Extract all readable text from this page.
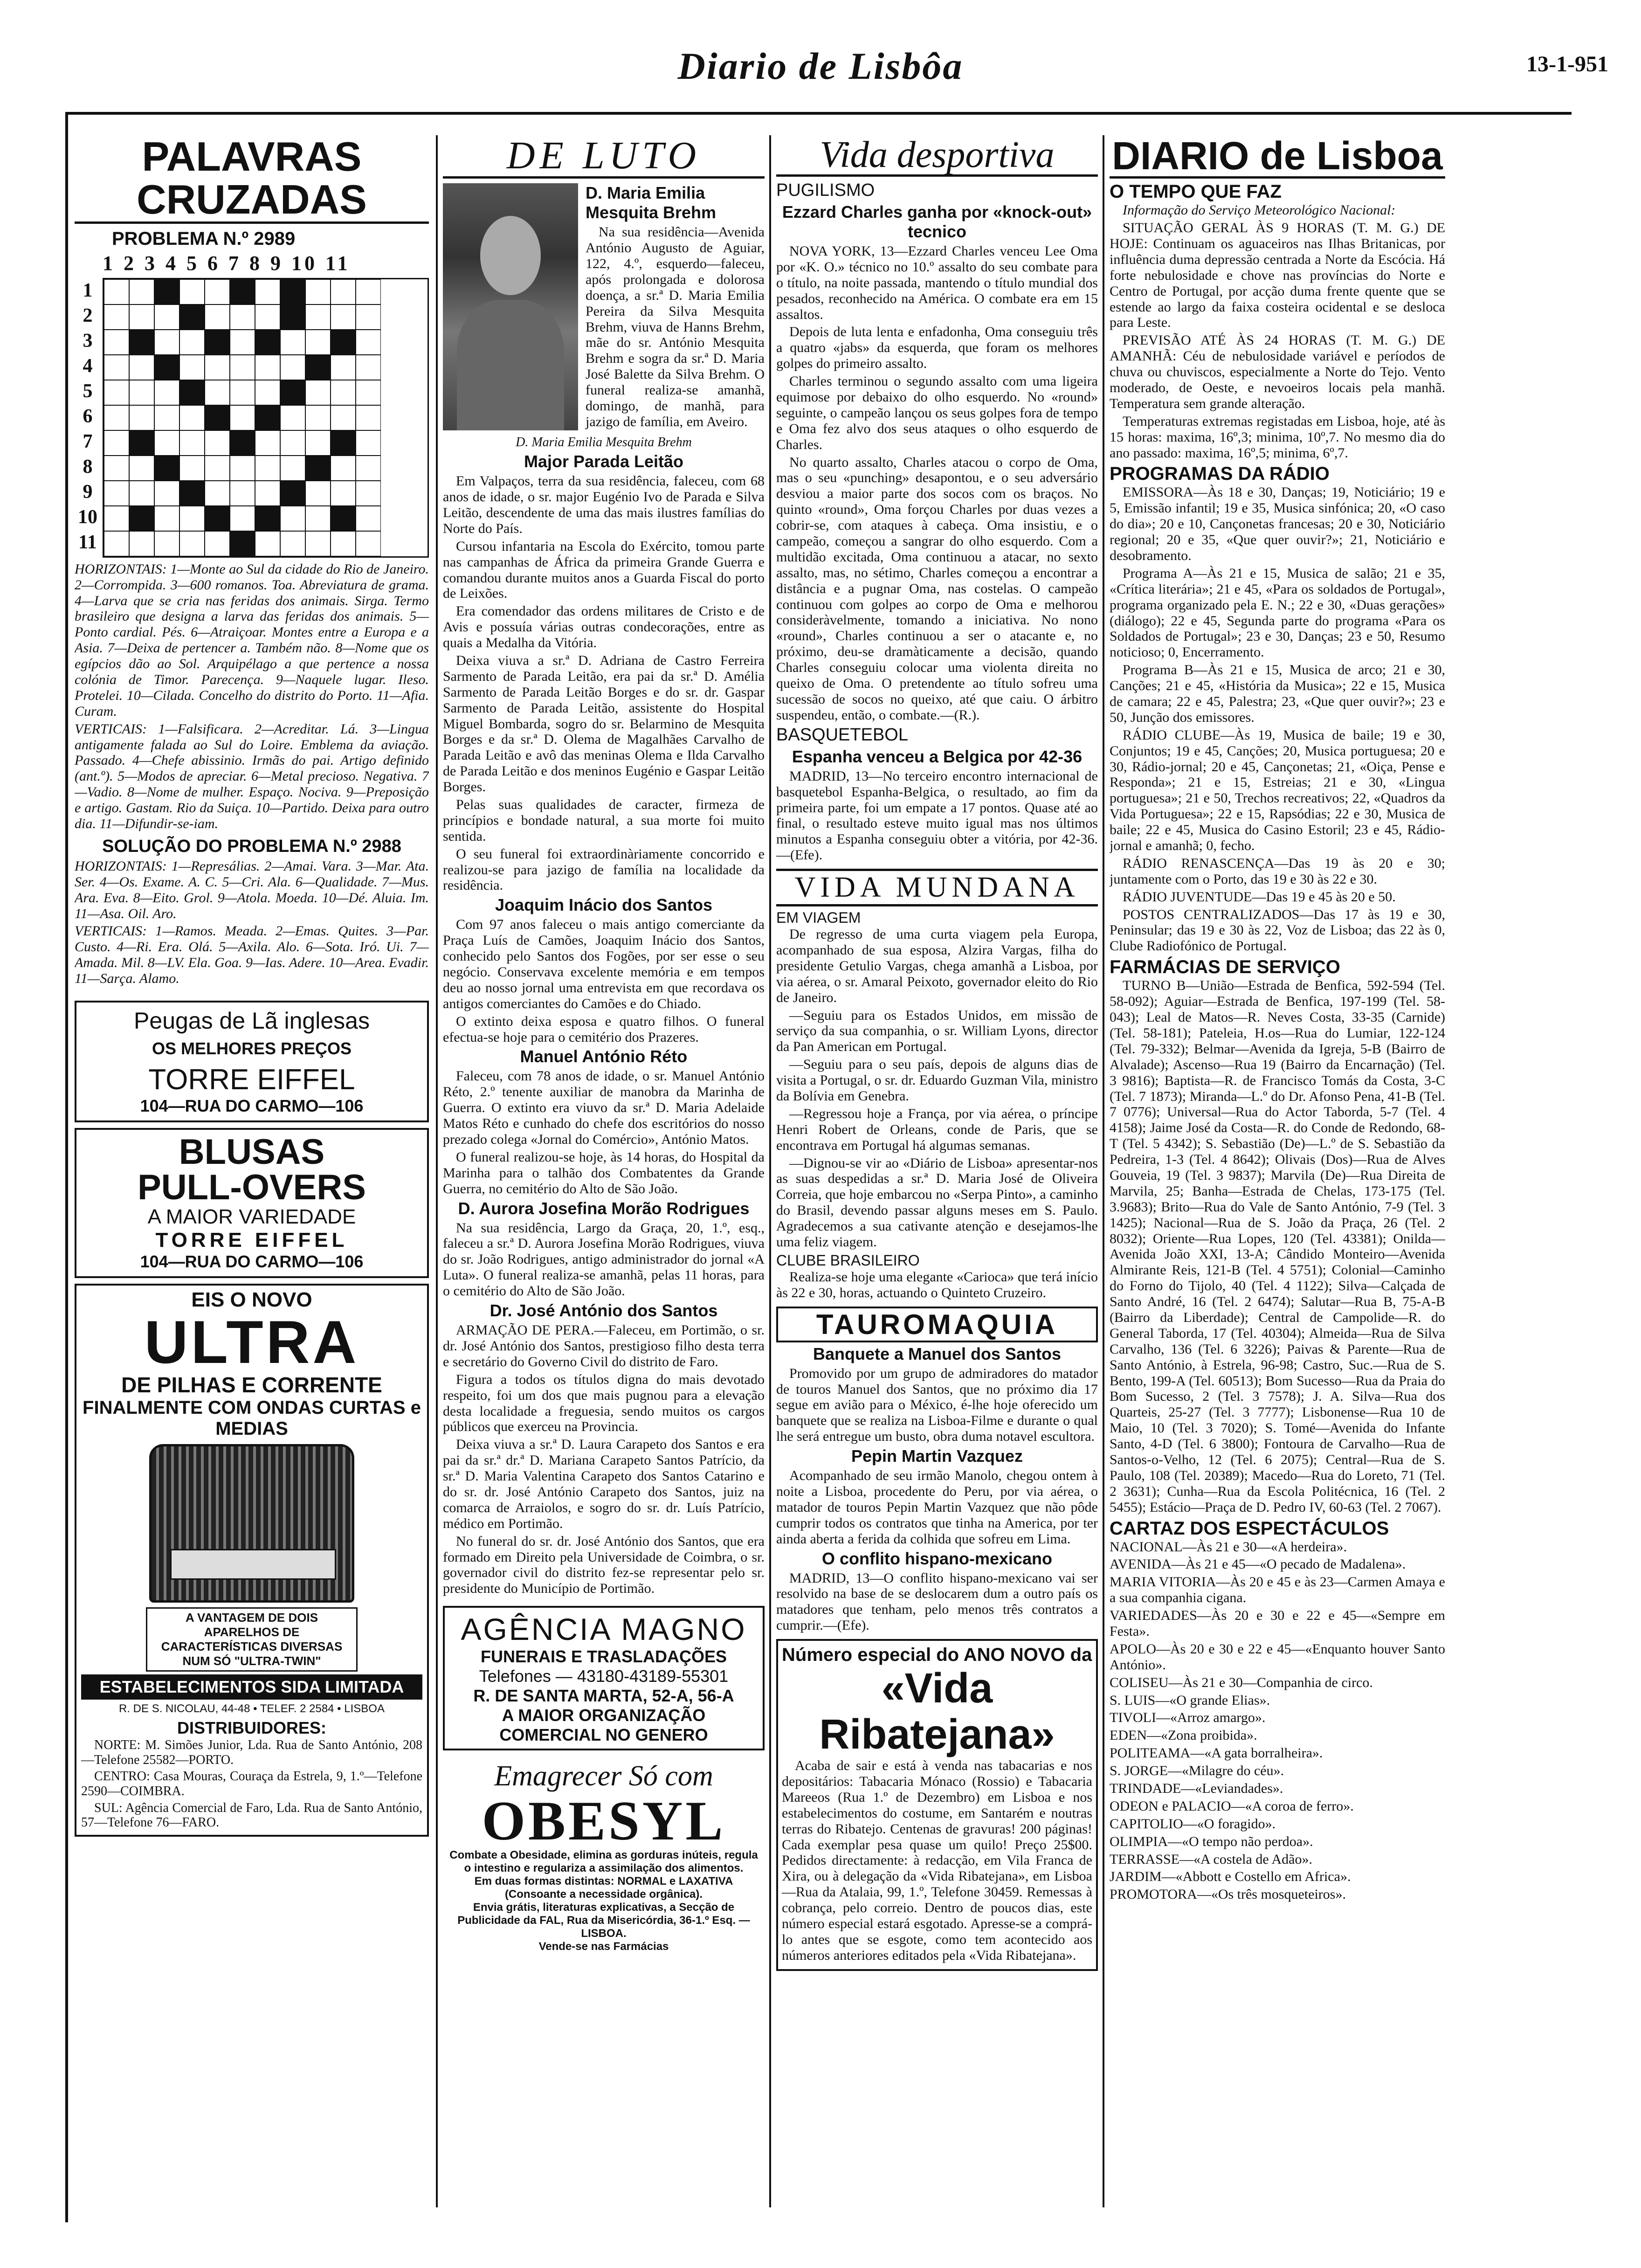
Diario de Lisbôa	13-1-951
PALAVRAS CRUZADAS
PROBLEMA N.º 2989
1 2 3 4 5 6 7 8 9 10 11
1
2
3
4
5
6
7
8
9
10
11

HORIZONTAIS: 1—Monte ao Sul da cidade do Rio de Janeiro. 2—Corrompida. 3—600 romanos. Toa. Abreviatura de grama. 4—Larva que se cria nas feridas dos animais. Sirga. Termo brasileiro que designa a larva das feridas dos animais. 5—Ponto cardial. Pés. 6—Atraiçoar. Montes entre a Europa e a Asia. 7—Deixa de pertencer a. Também não. 8—Nome que os egípcios dão ao Sol. Arquipélago a que pertence a nossa colónia de Timor. Parecença. 9—Naquele lugar. Ileso. Protelei. 10—Cilada. Concelho do distrito do Porto. 11—Afia. Curam.

VERTICAIS: 1—Falsificara. 2—Acreditar. Lá. 3—Lingua antigamente falada ao Sul do Loire. Emblema da aviação. Passado. 4—Chefe abissinio. Irmãs do pai. Artigo definido (ant.º). 5—Modos de apreciar. 6—Metal precioso. Negativa. 7—Vadio. 8—Nome de mulher. Espaço. Nociva. 9—Preposição e artigo. Gastam. Rio da Suiça. 10—Partido. Deixa para outro dia. 11—Difundir-se-iam.

SOLUÇÃO DO PROBLEMA N.º 2988

HORIZONTAIS: 1—Represálias. 2—Amai. Vara. 3—Mar. Ata. Ser. 4—Os. Exame. A. C. 5—Cri. Ala. 6—Qualidade. 7—Mus. Ara. Eva. 8—Eito. Grol. 9—Atola. Moeda. 10—Dé. Aluia. Im. 11—Asa. Oil. Aro.

VERTICAIS: 1—Ramos. Meada. 2—Emas. Quites. 3—Par. Custo. 4—Ri. Era. Olá. 5—Axila. Alo. 6—Sota. Iró. Ui. 7—Amada. Mil. 8—LV. Ela. Goa. 9—Ias. Adere. 10—Area. Evadir. 11—Sarça. Alamo.

Peugas de Lã inglesas
OS MELHORES PREÇOS
TORRE EIFFEL
104—RUA DO CARMO—106
BLUSAS
PULL-OVERS
A MAIOR VARIEDADE
TORRE EIFFEL
104—RUA DO CARMO—106
EIS O NOVO
ULTRA
DE PILHAS E CORRENTE
FINALMENTE COM ONDAS CURTAS e MEDIAS
A VANTAGEM DE DOIS APARELHOS DE CARACTERÍSTICAS DIVERSAS NUM SÓ "ULTRA-TWIN"
ESTABELECIMENTOS SIDA LIMITADA
R. DE S. NICOLAU, 44-48 • TELEF. 2 2584 • LISBOA
DISTRIBUIDORES:

NORTE: M. Simões Junior, Lda. Rua de Santo António, 208—Telefone 25582—PORTO.

CENTRO: Casa Mouras, Couraça da Estrela, 9, 1.º—Telefone 2590—COIMBRA.

SUL: Agência Comercial de Faro, Lda. Rua de Santo António, 57—Telefone 76—FARO.

DE LUTO
D. Maria Emilia Mesquita Brehm

Na sua residência—Avenida António Augusto de Aguiar, 122, 4.º, esquerdo—faleceu, após prolongada e dolorosa doença, a sr.ª D. Maria Emilia Pereira da Silva Mesquita Brehm, viuva de Hanns Brehm, mãe do sr. António Mesquita Brehm e sogra da sr.ª D. Maria José Balette da Silva Brehm. O funeral realiza-se amanhã, domingo, de manhã, para jazigo de família, em Aveiro.

D. Maria Emilia Mesquita Brehm
Major Parada Leitão

Em Valpaços, terra da sua residência, faleceu, com 68 anos de idade, o sr. major Eugénio Ivo de Parada e Silva Leitão, descendente de uma das mais ilustres famílias do Norte do País.

Cursou infantaria na Escola do Exército, tomou parte nas campanhas de África da primeira Grande Guerra e comandou durante muitos anos a Guarda Fiscal do porto de Leixões.

Era comendador das ordens militares de Cristo e de Avis e possuía várias outras condecorações, entre as quais a Medalha da Vitória.

Deixa viuva a sr.ª D. Adriana de Castro Ferreira Sarmento de Parada Leitão, era pai da sr.ª D. Amélia Sarmento de Parada Leitão Borges e do sr. dr. Gaspar Sarmento de Parada Leitão, assistente do Hospital Miguel Bombarda, sogro do sr. Belarmino de Mesquita Borges e da sr.ª D. Olema de Magalhães Carvalho de Parada Leitão e avô das meninas Olema e Ilda Carvalho de Parada Leitão e dos meninos Eugénio e Gaspar Leitão Borges.

Pelas suas qualidades de caracter, firmeza de princípios e bondade natural, a sua morte foi muito sentida.

O seu funeral foi extraordinàriamente concorrido e realizou-se para jazigo de família na localidade da residência.

Joaquim Inácio dos Santos

Com 97 anos faleceu o mais antigo comerciante da Praça Luís de Camões, Joaquim Inácio dos Santos, conhecido pelo Santos dos Fogões, por ser esse o seu negócio. Conservava excelente memória e em tempos deu ao nosso jornal uma entrevista em que recordava os antigos comerciantes do Camões e do Chiado.

O extinto deixa esposa e quatro filhos. O funeral efectua-se hoje para o cemitério dos Prazeres.

Manuel António Réto

Faleceu, com 78 anos de idade, o sr. Manuel António Réto, 2.º tenente auxiliar de manobra da Marinha de Guerra. O extinto era viuvo da sr.ª D. Maria Adelaide Matos Réto e cunhado do chefe dos escritórios do nosso prezado colega «Jornal do Comércio», António Matos.

O funeral realizou-se hoje, às 14 horas, do Hospital da Marinha para o talhão dos Combatentes da Grande Guerra, no cemitério do Alto de São João.

D. Aurora Josefina Morão Rodrigues

Na sua residência, Largo da Graça, 20, 1.º, esq., faleceu a sr.ª D. Aurora Josefina Morão Rodrigues, viuva do sr. João Rodrigues, antigo administrador do jornal «A Luta». O funeral realiza-se amanhã, pelas 11 horas, para o cemitério do Alto de São João.

Dr. José António dos Santos

ARMAÇÃO DE PERA.—Faleceu, em Portimão, o sr. dr. José António dos Santos, prestigioso filho desta terra e secretário do Governo Civil do distrito de Faro.

Figura a todos os títulos digna do mais devotado respeito, foi um dos que mais pugnou para a elevação desta localidade a freguesia, sendo muitos os cargos públicos que exerceu na Provincia.

Deixa viuva a sr.ª D. Laura Carapeto dos Santos e era pai da sr.ª dr.ª D. Mariana Carapeto Santos Patrício, da sr.ª D. Maria Valentina Carapeto dos Santos Catarino e do sr. dr. José António Carapeto dos Santos, juiz na comarca de Arraiolos, e sogro do sr. dr. Luís Patrício, médico em Portimão.

No funeral do sr. dr. José António dos Santos, que era formado em Direito pela Universidade de Coimbra, o sr. governador civil do distrito fez-se representar pelo sr. presidente do Município de Portimão.

AGÊNCIA MAGNO
FUNERAIS E TRASLADAÇÕES
Telefones — 43180-43189-55301
R. DE SANTA MARTA, 52-A, 56-A
A MAIOR ORGANIZAÇÃO
COMERCIAL NO GENERO
Emagrecer Só com
OBESYL
Combate a Obesidade, elimina as gorduras inúteis, regula o intestino e regulariza a assimilação dos alimentos.
Em duas formas distintas: NORMAL e LAXATIVA (Consoante a necessidade orgânica).
Envia grátis, literaturas explicativas, a Secção de Publicidade da FAL, Rua da Misericórdia, 36-1.º Esq. — LISBOA.
Vende-se nas Farmácias
Vida desportiva
PUGILISMO
Ezzard Charles ganha por «knock-out» tecnico

NOVA YORK, 13—Ezzard Charles venceu Lee Oma por «K. O.» técnico no 10.º assalto do seu combate para o título, na noite passada, mantendo o título mundial dos pesados, reconhecido na América. O combate era em 15 assaltos.

Depois de luta lenta e enfadonha, Oma conseguiu três a quatro «jabs» da esquerda, que foram os melhores golpes do primeiro assalto.

Charles terminou o segundo assalto com uma ligeira equimose por debaixo do olho esquerdo. No «round» seguinte, o campeão lançou os seus golpes fora de tempo e Oma fez alvo dos seus ataques o olho esquerdo de Charles.

No quarto assalto, Charles atacou o corpo de Oma, mas o seu «punching» desapontou, e o seu adversário desviou a maior parte dos socos com os braços. No quinto «round», Oma forçou Charles por duas vezes a cobrir-se, com ataques à cabeça. Oma insistiu, e o campeão, começou a sangrar do olho esquerdo. Com a multidão excitada, Oma continuou a atacar, no sexto assalto, mas, no sétimo, Charles começou a encontrar a distância e a pugnar Oma, nas costelas. O campeão continuou com golpes ao corpo de Oma e melhorou consideràvelmente, tomando a iniciativa. No nono «round», Charles continuou a ser o atacante e, no próximo, deu-se dramàticamente a decisão, quando Charles conseguiu colocar uma violenta direita no queixo de Oma. O pretendente ao título sofreu uma sucessão de socos no queixo, até que caiu. O árbitro suspendeu, então, o combate.—(R.).

BASQUETEBOL
Espanha venceu a Belgica por 42-36

MADRID, 13—No terceiro encontro internacional de basquetebol Espanha-Belgica, o resultado, ao fim da primeira parte, foi um empate a 17 pontos. Quase até ao final, o resultado esteve muito igual mas nos últimos minutos a Espanha conseguiu obter a vitória, por 42-36.—(Efe).

VIDA MUNDANA
EM VIAGEM

De regresso de uma curta viagem pela Europa, acompanhado de sua esposa, Alzira Vargas, filha do presidente Getulio Vargas, chega amanhã a Lisboa, por via aérea, o sr. Amaral Peixoto, governador eleito do Rio de Janeiro.

—Seguiu para os Estados Unidos, em missão de serviço da sua companhia, o sr. William Lyons, director da Pan American em Portugal.

—Seguiu para o seu país, depois de alguns dias de visita a Portugal, o sr. dr. Eduardo Guzman Vila, ministro da Bolívia em Genebra.

—Regressou hoje a França, por via aérea, o príncipe Henri Robert de Orleans, conde de Paris, que se encontrava em Portugal há algumas semanas.

—Dignou-se vir ao «Diário de Lisboa» apresentar-nos as suas despedidas a sr.ª D. Maria José de Oliveira Correia, que hoje embarcou no «Serpa Pinto», a caminho do Brasil, devendo passar alguns meses em S. Paulo. Agradecemos a sua cativante atenção e desejamos-lhe uma feliz viagem.

CLUBE BRASILEIRO

Realiza-se hoje uma elegante «Carioca» que terá início às 22 e 30, horas, actuando o Quinteto Cruzeiro.

TAUROMAQUIA
Banquete a Manuel dos Santos

Promovido por um grupo de admiradores do matador de touros Manuel dos Santos, que no próximo dia 17 segue em avião para o México, é-lhe hoje oferecido um banquete que se realiza na Lisboa-Filme e durante o qual lhe será entregue um busto, obra duma notavel escultora.

Pepin Martin Vazquez

Acompanhado de seu irmão Manolo, chegou ontem à noite a Lisboa, procedente do Peru, por via aérea, o matador de touros Pepin Martin Vazquez que não pôde cumprir todos os contratos que tinha na America, por ter ainda aberta a ferida da colhida que sofreu em Lima.

O conflito hispano-mexicano

MADRID, 13—O conflito hispano-mexicano vai ser resolvido na base de se deslocarem dum a outro país os matadores que tenham, pelo menos três contratos a cumprir.—(Efe).

Número especial do ANO NOVO da
«Vida Ribatejana»

Acaba de sair e está à venda nas tabacarias e nos depositários: Tabacaria Mónaco (Rossio) e Tabacaria Mareeos (Rua 1.º de Dezembro) em Lisboa e nos estabelecimentos do costume, em Santarém e noutras terras do Ribatejo. Centenas de gravuras! 200 páginas! Cada exemplar pesa quase um quilo! Preço 25$00. Pedidos directamente: à redacção, em Vila Franca de Xira, ou à delegação da «Vida Ribatejana», em Lisboa—Rua da Atalaia, 99, 1.º, Telefone 30459. Remessas à cobrança, pelo correio. Dentro de poucos dias, este número especial estará esgotado. Apresse-se a comprá-lo antes que se esgote, como tem acontecido aos números anteriores editados pela «Vida Ribatejana».

DIARIO de Lisboa
O TEMPO QUE FAZ

Informação do Serviço Meteorológico Nacional:

SITUAÇÃO GERAL ÀS 9 HORAS (T. M. G.) DE HOJE: Continuam os aguaceiros nas Ilhas Britanicas, por influência duma depressão centrada a Norte da Escócia. Há forte nebulosidade e chove nas províncias do Norte e Centro de Portugal, por acção duma frente quente que se estende ao largo da faixa costeira ocidental e se desloca para Leste.

PREVISÃO ATÉ ÀS 24 HORAS (T. M. G.) DE AMANHÃ: Céu de nebulosidade variável e períodos de chuva ou chuviscos, especialmente a Norte do Tejo. Vento moderado, de Oeste, e nevoeiros locais pela manhã. Temperatura sem grande alteração.

Temperaturas extremas registadas em Lisboa, hoje, até às 15 horas: maxima, 16º,3; minima, 10º,7. No mesmo dia do ano passado: maxima, 16º,5; minima, 6º,7.

PROGRAMAS DA RÁDIO

EMISSORA—Às 18 e 30, Danças; 19, Noticiário; 19 e 5, Emissão infantil; 19 e 35, Musica sinfónica; 20, «O caso do dia»; 20 e 10, Cançonetas francesas; 20 e 30, Noticiário regional; 20 e 35, «Que quer ouvir?»; 21, Noticiário e desobramento.

Programa A—Às 21 e 15, Musica de salão; 21 e 35, «Crítica literária»; 21 e 45, «Para os soldados de Portugal», programa organizado pela E. N.; 22 e 30, «Duas gerações» (diálogo); 22 e 45, Segunda parte do programa «Para os Soldados de Portugal»; 23 e 30, Danças; 23 e 50, Resumo noticioso; 0, Encerramento.

Programa B—Às 21 e 15, Musica de arco; 21 e 30, Canções; 21 e 45, «História da Musica»; 22 e 15, Musica de camara; 22 e 45, Palestra; 23, «Que quer ouvir?»; 23 e 50, Junção dos emissores.

RÁDIO CLUBE—Às 19, Musica de baile; 19 e 30, Conjuntos; 19 e 45, Canções; 20, Musica portuguesa; 20 e 30, Rádio-jornal; 20 e 45, Cançonetas; 21, «Oiça, Pense e Responda»; 21 e 15, Estreias; 21 e 30, «Lingua portuguesa»; 21 e 50, Trechos recreativos; 22, «Quadros da Vida Portuguesa»; 22 e 15, Rapsódias; 22 e 30, Musica de baile; 22 e 45, Musica do Casino Estoril; 23 e 45, Rádio-jornal e amanhã; 0, fecho.

RÁDIO RENASCENÇA—Das 19 às 20 e 30; juntamente com o Porto, das 19 e 30 às 22 e 30.

RÁDIO JUVENTUDE—Das 19 e 45 às 20 e 50.

POSTOS CENTRALIZADOS—Das 17 às 19 e 30, Peninsular; das 19 e 30 às 22, Voz de Lisboa; das 22 às 0, Clube Radiofónico de Portugal.

FARMÁCIAS DE SERVIÇO

TURNO B—União—Estrada de Benfica, 592-594 (Tel. 58-092); Aguiar—Estrada de Benfica, 197-199 (Tel. 58-043); Leal de Matos—R. Neves Costa, 33-35 (Carnide) (Tel. 58-181); Pateleia, H.os—Rua do Lumiar, 122-124 (Tel. 79-332); Belmar—Avenida da Igreja, 5-B (Bairro de Alvalade); Ascenso—Rua 19 (Bairro da Encarnação) (Tel. 3 9816); Baptista—R. de Francisco Tomás da Costa, 3-C (Tel. 7 1873); Miranda—L.º do Dr. Afonso Pena, 41-B (Tel. 7 0776); Universal—Rua do Actor Taborda, 5-7 (Tel. 4 4158); Jaime José da Costa—R. do Conde de Redondo, 68-T (Tel. 5 4342); S. Sebastião (De)—L.º de S. Sebastião da Pedreira, 1-3 (Tel. 4 8642); Olivais (Dos)—Rua de Alves Gouveia, 19 (Tel. 3 9837); Marvila (De)—Rua Direita de Marvila, 25; Banha—Estrada de Chelas, 173-175 (Tel. 3.9683); Brito—Rua do Vale de Santo António, 7-9 (Tel. 3 1425); Nacional—Rua de S. João da Praça, 26 (Tel. 2 8032); Oriente—Rua Lopes, 120 (Tel. 43381); Onilda—Avenida João XXI, 13-A; Cândido Monteiro—Avenida Almirante Reis, 121-B (Tel. 4 5751); Colonial—Caminho do Forno do Tijolo, 40 (Tel. 4 1122); Silva—Calçada de Santo André, 16 (Tel. 2 6474); Salutar—Rua B, 75-A-B (Bairro da Liberdade); Central de Campolide—R. do General Taborda, 17 (Tel. 40304); Almeida—Rua de Silva Carvalho, 136 (Tel. 6 3226); Paivas & Parente—Rua de Santo António, à Estrela, 96-98; Castro, Suc.—Rua de S. Bento, 199-A (Tel. 60513); Bom Sucesso—Rua da Praia do Bom Sucesso, 2 (Tel. 3 7578); J. A. Silva—Rua dos Quarteis, 25-27 (Tel. 3 7777); Lisbonense—Rua 10 de Maio, 10 (Tel. 3 7020); S. Tomé—Avenida do Infante Santo, 4-D (Tel. 6 3800); Fontoura de Carvalho—Rua de Santos-o-Velho, 12 (Tel. 6 2075); Central—Rua de S. Paulo, 108 (Tel. 20389); Macedo—Rua do Loreto, 71 (Tel. 2 3631); Cunha—Rua da Escola Politécnica, 16 (Tel. 2 5455); Estácio—Praça de D. Pedro IV, 60-63 (Tel. 2 7067).

CARTAZ DOS ESPECTÁCULOS

NACIONAL—Às 21 e 30—«A herdeira».

AVENIDA—Às 21 e 45—«O pecado de Madalena».

MARIA VITORIA—Às 20 e 45 e às 23—Carmen Amaya e a sua companhia cigana.

VARIEDADES—Às 20 e 30 e 22 e 45—«Sempre em Festa».

APOLO—Às 20 e 30 e 22 e 45—«Enquanto houver Santo António».

COLISEU—Às 21 e 30—Companhia de circo.

S. LUIS—«O grande Elias».

TIVOLI—«Arroz amargo».

EDEN—«Zona proibida».

POLITEAMA—«A gata borralheira».

S. JORGE—«Milagre do céu».

TRINDADE—«Leviandades».

ODEON e PALACIO—«A coroa de ferro».

CAPITOLIO—«O foragido».

OLIMPIA—«O tempo não perdoa».

TERRASSE—«A costela de Adão».

JARDIM—«Abbott e Costello em Africa».

PROMOTORA—«Os três mosqueteiros».
